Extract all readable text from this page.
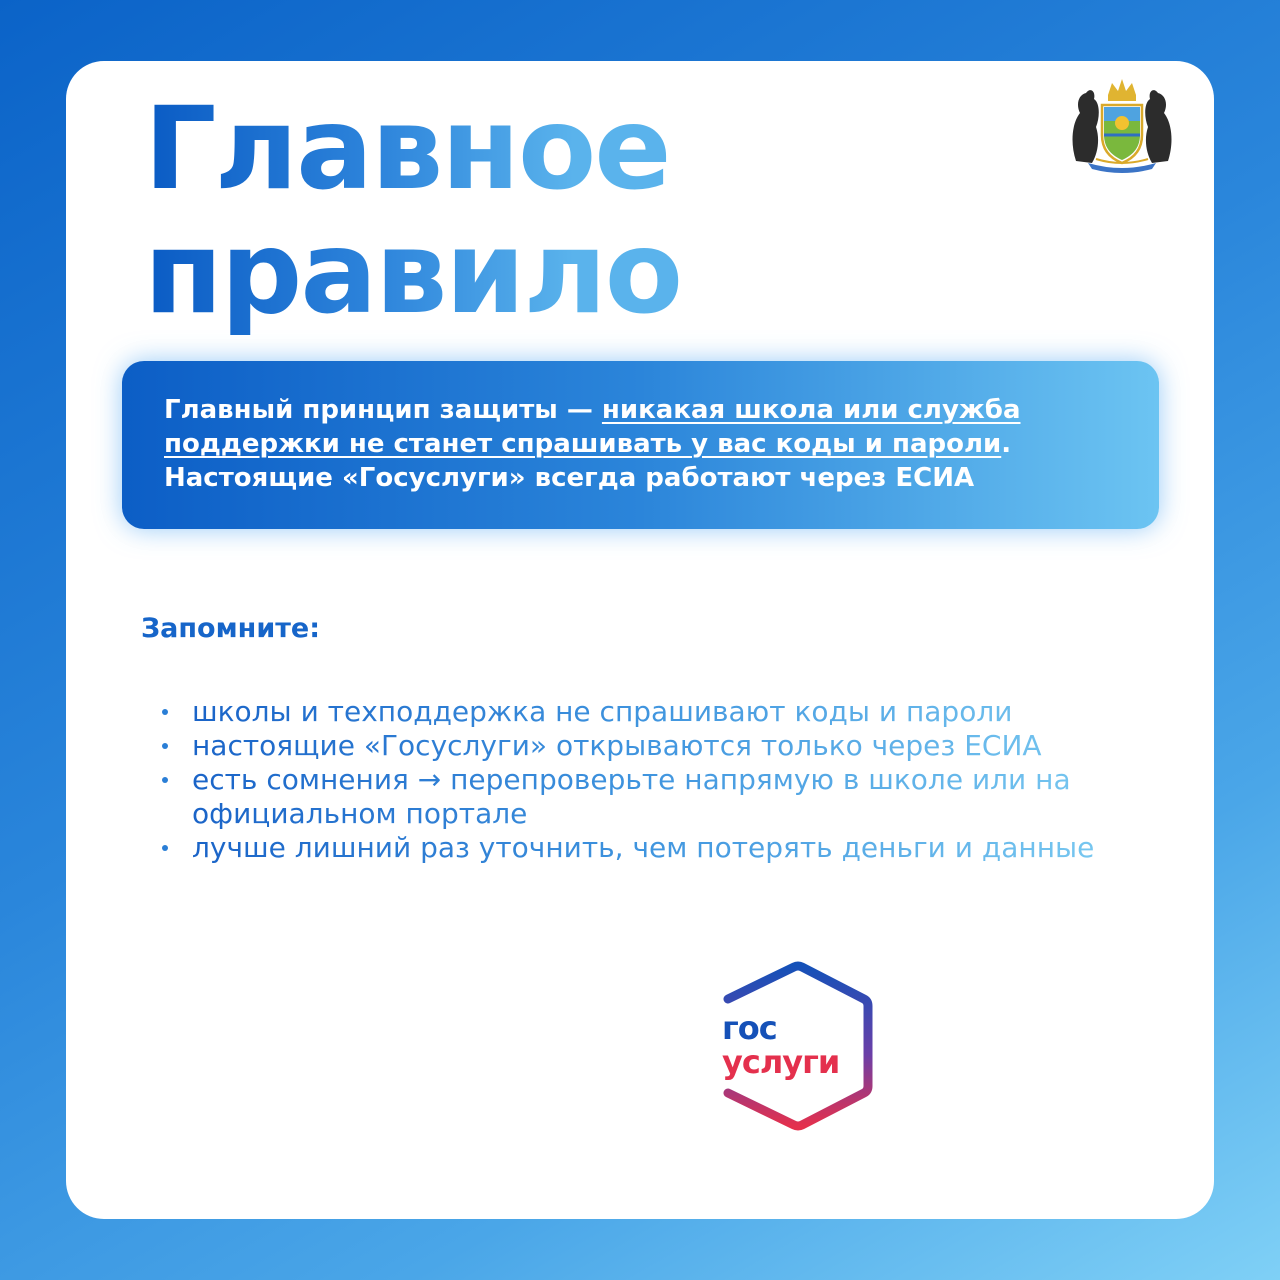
Главное
правило

Главный принцип защиты — никакая школа или служба поддержки не станет спрашивать у вас коды и пароли. Настоящие «Госуслуги» всегда работают через ЕСИА

Запомните:
школы и техподдержка не спрашивают коды и пароли
настоящие «Госуслуги» открываются только через ЕСИА
есть сомнения → перепроверьте напрямую в школе или на официальном портале
лучше лишний раз уточнить, чем потерять деньги и данные
гос
услуги
